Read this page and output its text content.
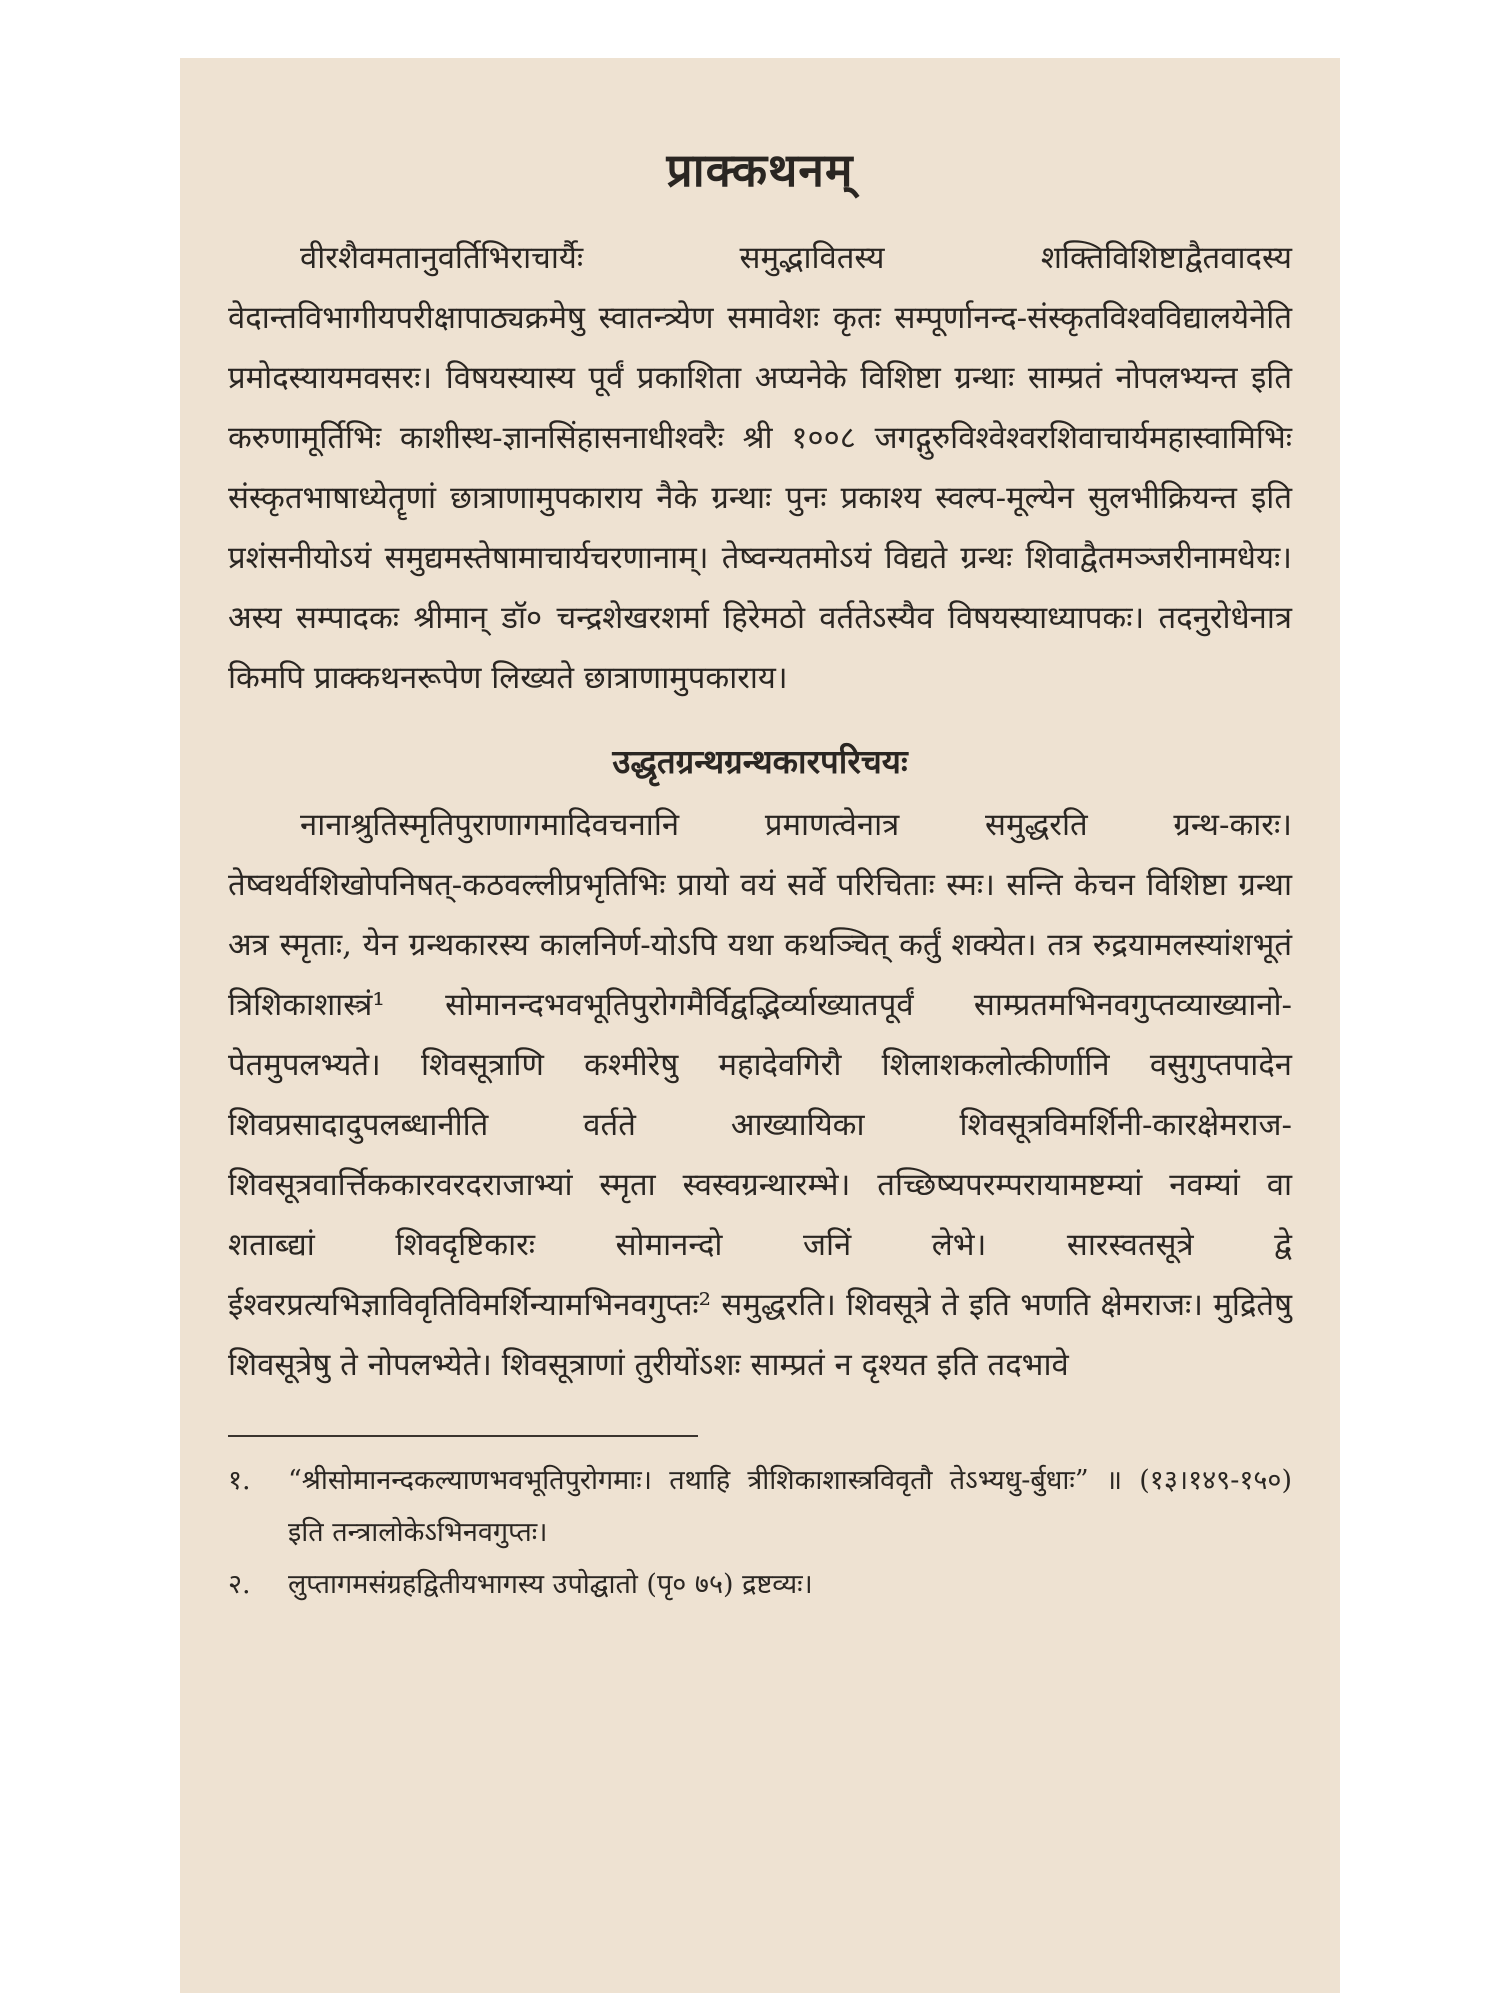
प्राक्कथनम्

वीरशैवमतानुवर्तिभिराचार्यैः समुद्भावितस्य शक्तिविशिष्टाद्वैतवादस्य वेदान्तविभागीयपरीक्षापाठ्यक्रमेषु स्वातन्त्र्येण समावेशः कृतः सम्पूर्णानन्द-संस्कृतविश्वविद्यालयेनेति प्रमोदस्यायमवसरः। विषयस्यास्य पूर्वं प्रकाशिता अप्यनेके विशिष्टा ग्रन्थाः साम्प्रतं नोपलभ्यन्त इति करुणामूर्तिभिः काशीस्थ-ज्ञानसिंहासनाधीश्वरैः श्री १००८ जगद्गुरुविश्वेश्वरशिवाचार्यमहास्वामिभिः संस्कृतभाषाध्येतॄणां छात्राणामुपकाराय नैके ग्रन्थाः पुनः प्रकाश्य स्वल्प-मूल्येन सुलभीक्रियन्त इति प्रशंसनीयोऽयं समुद्यमस्तेषामाचार्यचरणानाम्। तेष्वन्यतमोऽयं विद्यते ग्रन्थः शिवाद्वैतमञ्जरीनामधेयः। अस्य सम्पादकः श्रीमान् डॉ० चन्द्रशेखरशर्मा हिरेमठो वर्ततेऽस्यैव विषयस्याध्यापकः। तदनुरोधेनात्र किमपि प्राक्कथनरूपेण लिख्यते छात्राणामुपकाराय।

उद्धृतग्रन्थग्रन्थकारपरिचयः

नानाश्रुतिस्मृतिपुराणागमादिवचनानि प्रमाणत्वेनात्र समुद्धरति ग्रन्थ-कारः। तेष्वथर्वशिखोपनिषत्-कठवल्लीप्रभृतिभिः प्रायो वयं सर्वे परिचिताः स्मः। सन्ति केचन विशिष्टा ग्रन्था अत्र स्मृताः, येन ग्रन्थकारस्य कालनिर्ण-योऽपि यथा कथञ्चित् कर्तुं शक्येत। तत्र रुद्रयामलस्यांशभूतं त्रिशिकाशास्त्रं¹ सोमानन्दभवभूतिपुरोगमैर्विद्वद्भिर्व्याख्यातपूर्वं साम्प्रतमभिनवगुप्तव्याख्यानो-पेतमुपलभ्यते। शिवसूत्राणि कश्मीरेषु महादेवगिरौ शिलाशकलोत्कीर्णानि वसुगुप्तपादेन शिवप्रसादादुपलब्धानीति वर्तते आख्यायिका शिवसूत्रविमर्शिनी-कारक्षेमराज-शिवसूत्रवार्त्तिककारवरदराजाभ्यां स्मृता स्वस्वग्रन्थारम्भे। तच्छिष्यपरम्परायामष्टम्यां नवम्यां वा शताब्द्यां शिवदृष्टिकारः सोमानन्दो जनिं लेभे। सारस्वतसूत्रे द्वे ईश्वरप्रत्यभिज्ञाविवृतिविमर्शिन्यामभिनवगुप्तः² समुद्धरति। शिवसूत्रे ते इति भणति क्षेमराजः। मुद्रितेषु शिवसूत्रेषु ते नोपलभ्येते। शिवसूत्राणां तुरीयोंऽशः साम्प्रतं न दृश्यत इति तदभावे

१.	“श्रीसोमानन्दकल्याणभवभूतिपुरोगमाः। तथाहि त्रीशिकाशास्त्रविवृतौ तेऽभ्यधु-र्बुधाः” ॥ (१३।१४९-१५०) इति तन्त्रालोकेऽभिनवगुप्तः।
२.	लुप्तागमसंग्रहद्वितीयभागस्य उपोद्घातो (पृ० ७५) द्रष्टव्यः।
